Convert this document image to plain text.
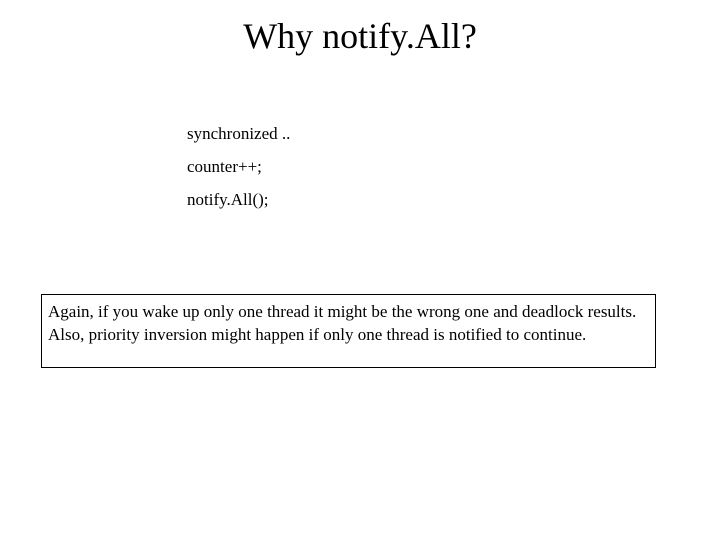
Why notify.All?
synchronized ..
counter++;
notify.All();
Again, if you wake up only one thread it might be the wrong one and deadlock results. Also, priority inversion might happen if only one thread is notified to continue.
